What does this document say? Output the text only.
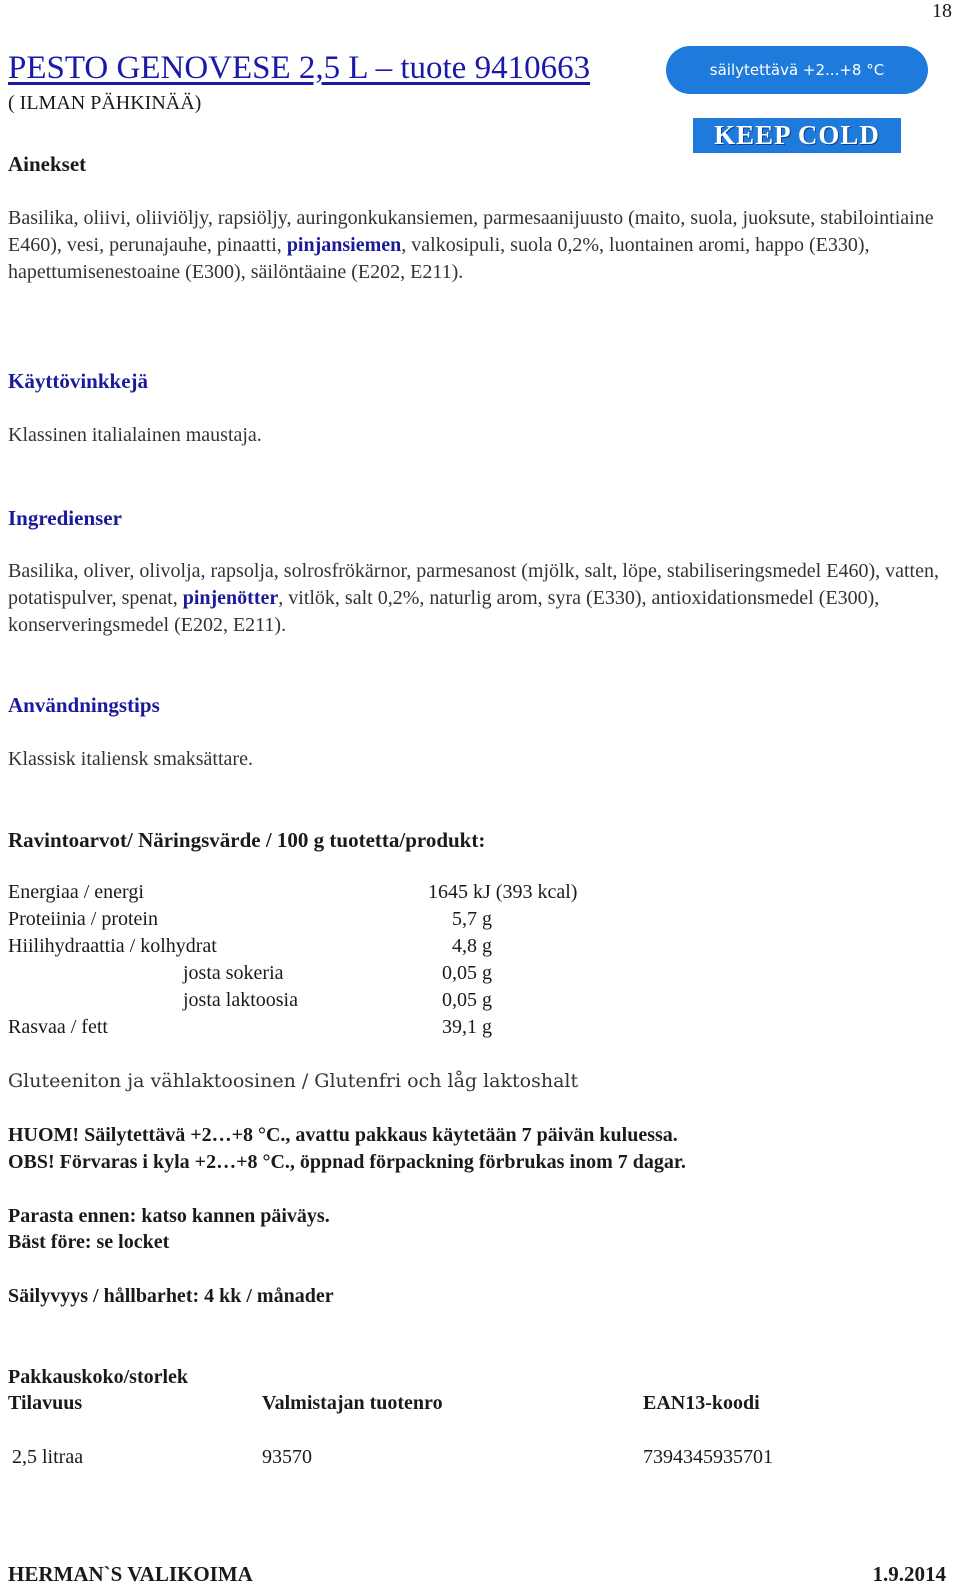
18
PESTO GENOVESE 2,5 L – tuote 9410663
( ILMAN PÄHKINÄÄ)
säilytettävä +2...+8 °C
KEEP COLD
Ainekset
Basilika, oliivi, oliiviöljy, rapsiöljy, auringonkukansiemen, parmesaanijuusto (maito, suola, juoksute, stabilointiaine E460), vesi, perunajauhe, pinaatti, pinjansiemen, valkosipuli, suola 0,2%, luontainen aromi, happo (E330), hapettumisenestoaine (E300), säilöntäaine (E202, E211).
Käyttövinkkejä
Klassinen italialainen maustaja.
Ingredienser
Basilika, oliver, olivolja, rapsolja, solrosfrökärnor, parmesanost (mjölk, salt, löpe, stabiliseringsmedel E460), vatten, potatispulver, spenat, pinjenötter, vitlök, salt 0,2%, naturlig arom, syra (E330), antioxidationsmedel (E300), konserveringsmedel (E202, E211).
Användningstips
Klassisk italiensk smaksättare.
Ravintoarvot/ Näringsvärde / 100 g tuotetta/produkt:
Energiaa / energi	1645 kJ (393 kcal)
Proteiinia / protein	5,7 g
Hiilihydraattia / kolhydrat	4,8 g
josta sokeria	0,05 g
josta laktoosia	0,05 g
Rasvaa / fett	39,1 g
Gluteeniton ja vählaktoosinen / Glutenfri och låg laktoshalt
HUOM! Säilytettävä +2…+8 °C., avattu pakkaus käytetään 7 päivän kuluessa.
OBS! Förvaras i kyla +2…+8 °C., öppnad förpackning förbrukas inom 7 dagar.
Parasta ennen: katso kannen päiväys.
Bäst före: se locket
Säilyvyys / hållbarhet: 4 kk / månader
Pakkauskoko/storlek
Tilavuus	Valmistajan tuotenro	EAN13-koodi
2,5 litraa	93570	7394345935701
HERMAN`S VALIKOIMA	1.9.2014
